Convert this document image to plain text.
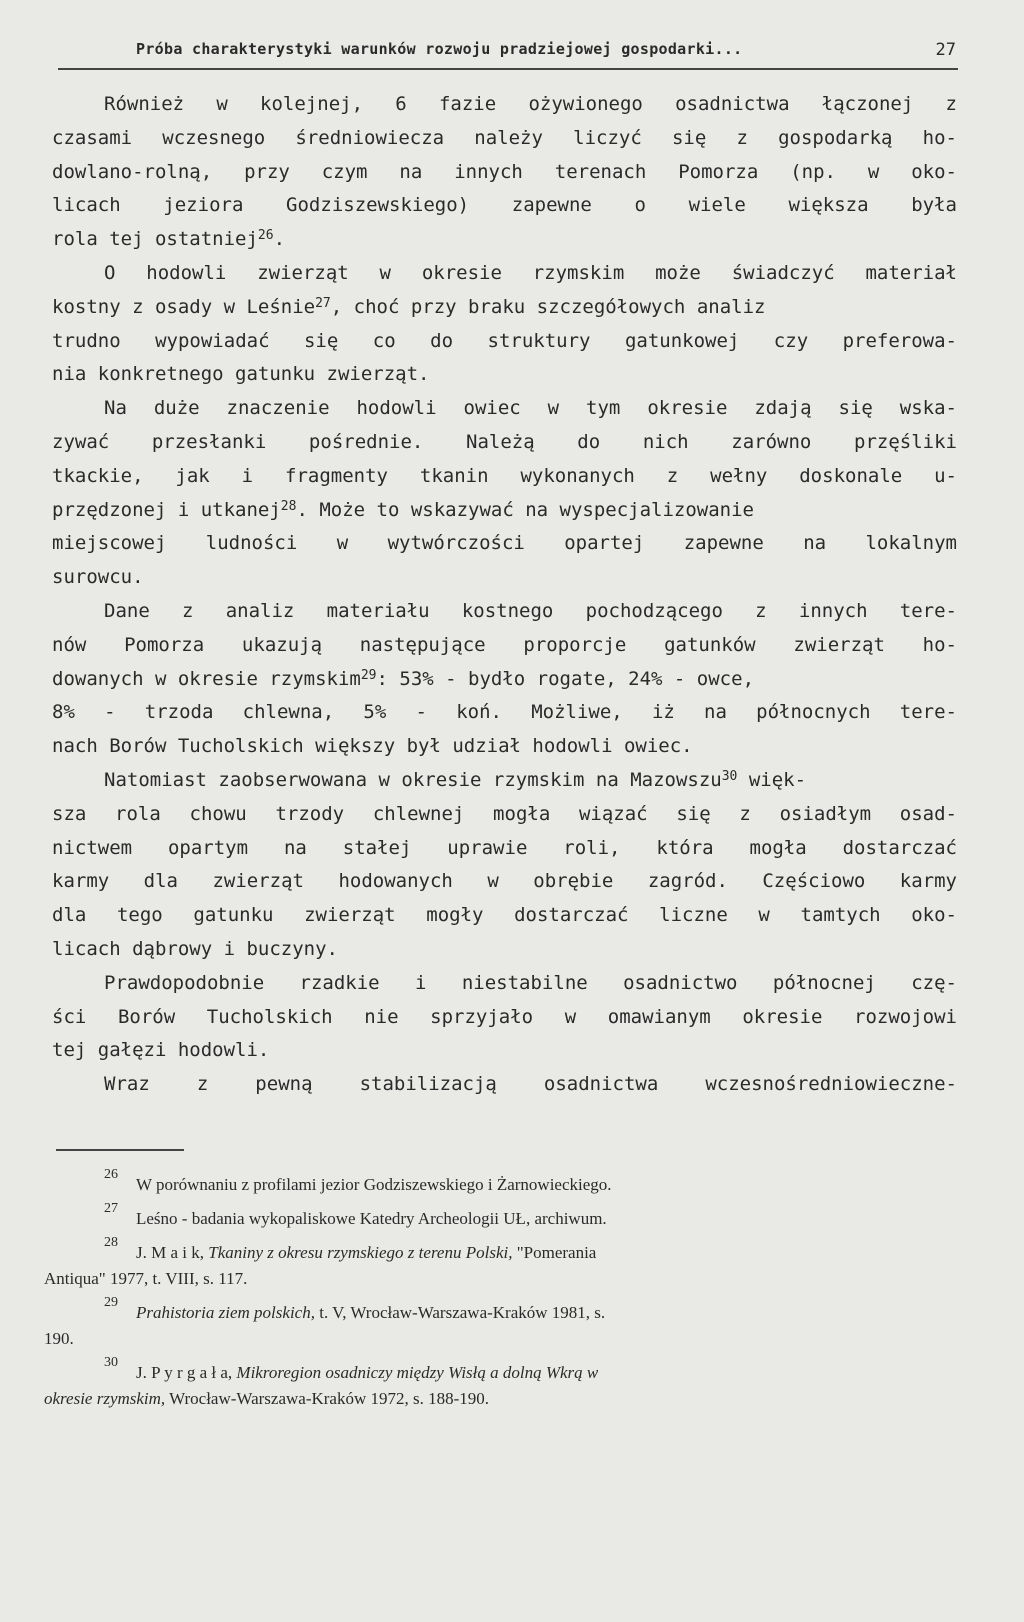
Próba charakterystyki warunków rozwoju pradziejowej gospodarki...	27
Również w kolejnej, 6 fazie ożywionego osadnictwa łączonej z
czasami wczesnego średniowiecza należy liczyć się z gospodarką ho-
dowlano-rolną, przy czym na innych terenach Pomorza (np. w oko-
licach jeziora Godziszewskiego) zapewne o wiele większa była
rola tej ostatniej$^{26}$.
O hodowli zwierząt w okresie rzymskim może świadczyć materiał
kostny z osady w Leśnie$^{27}$, choć przy braku szczegółowych analiz
trudno wypowiadać się co do struktury gatunkowej czy preferowa-
nia konkretnego gatunku zwierząt.
Na duże znaczenie hodowli owiec w tym okresie zdają się wska-
zywać przesłanki pośrednie. Należą do nich zarówno przęśliki
tkackie, jak i fragmenty tkanin wykonanych z wełny doskonale u-
przędzonej i utkanej$^{28}$. Może to wskazywać na wyspecjalizowanie
miejscowej ludności w wytwórczości opartej zapewne na lokalnym
surowcu.
Dane z analiz materiału kostnego pochodzącego z innych tere-
nów Pomorza ukazują następujące proporcje gatunków zwierząt ho-
dowanych w okresie rzymskim$^{29}$: 53% - bydło rogate, 24% - owce,
8% - trzoda chlewna, 5% - koń. Możliwe, iż na północnych tere-
nach Borów Tucholskich większy był udział hodowli owiec.
Natomiast zaobserwowana w okresie rzymskim na Mazowszu$^{30}$ więk-
sza rola chowu trzody chlewnej mogła wiązać się z osiadłym osad-
nictwem opartym na stałej uprawie roli, która mogła dostarczać
karmy dla zwierząt hodowanych w obrębie zagród. Częściowo karmy
dla tego gatunku zwierząt mogły dostarczać liczne w tamtych oko-
licach dąbrowy i buczyny.
Prawdopodobnie rzadkie i niestabilne osadnictwo północnej czę-
ści Borów Tucholskich nie sprzyjało w omawianym okresie rozwojowi
tej gałęzi hodowli.
Wraz z pewną stabilizacją osadnictwa wczesnośredniowieczne-
26
W porównaniu z profilami jezior Godziszewskiego i Żarnowieckiego.
27
Leśno - badania wykopaliskowe Katedry Archeologii UŁ, archiwum.
28
J. M a i k, Tkaniny z okresu rzymskiego z terenu Polski, "Pomerania
Antiqua" 1977, t. VIII, s. 117.
29
Prahistoria ziem polskich, t. V, Wrocław-Warszawa-Kraków 1981, s.
190.
30
J. P y r g a ł a, Mikroregion osadniczy między Wisłą a dolną Wkrą w
okresie rzymskim, Wrocław-Warszawa-Kraków 1972, s. 188-190.
